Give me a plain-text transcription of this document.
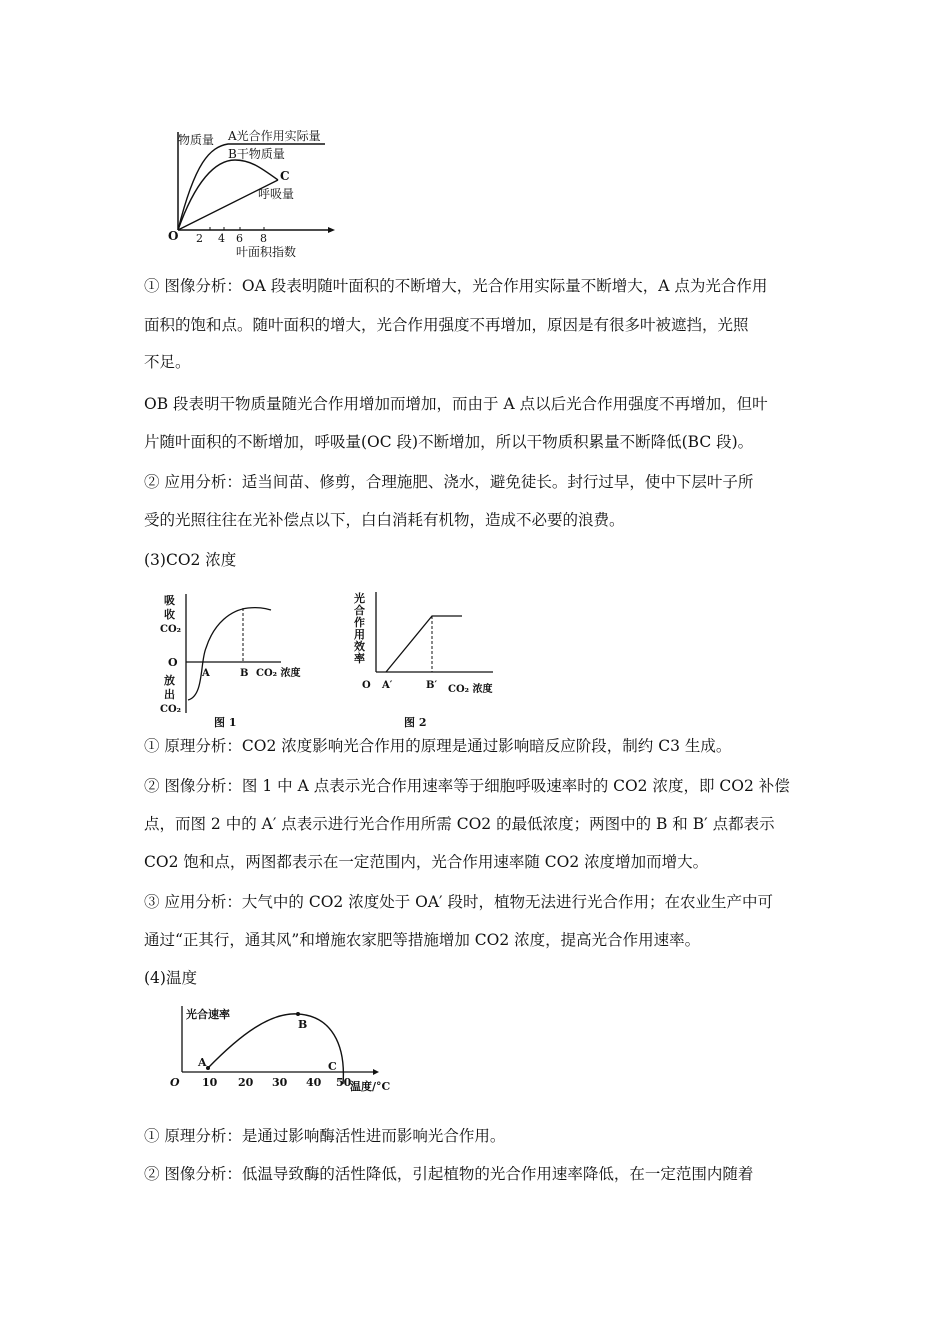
物质量 A光合作用实际量
B干物质量
C
呼吸量
O 2 4 6 8
叶面积指数
① 图像分析：OA 段表明随叶面积的不断增大，光合作用实际量不断增大，A 点为光合作用
面积的饱和点。随叶面积的增大，光合作用强度不再增加，原因是有很多叶被遮挡，光照
不足。
OB 段表明干物质量随光合作用增加而增加，而由于 A 点以后光合作用强度不再增加，但叶
片随叶面积的不断增加，呼吸量(OC 段)不断增加，所以干物质积累量不断降低(BC 段)。
② 应用分析：适当间苗、修剪，合理施肥、浇水，避免徒长。封行过早，使中下层叶子所
受的光照往往在光补偿点以下，白白消耗有机物，造成不必要的浪费。
(3)CO2 浓度
吸
收
CO₂
O
A	B CO₂ 浓度
放
出
CO₂
图 1
光
合
作
用
效
率
O A′	B′ CO₂ 浓度
图 2
① 原理分析：CO2 浓度影响光合作用的原理是通过影响暗反应阶段，制约 C3 生成。
② 图像分析：图 1 中 A 点表示光合作用速率等于细胞呼吸速率时的 CO2 浓度，即 CO2 补偿
点，而图 2 中的 A′ 点表示进行光合作用所需 CO2 的最低浓度；两图中的 B 和 B′ 点都表示
CO2 饱和点，两图都表示在一定范围内，光合作用速率随 CO2 浓度增加而增大。
③ 应用分析：大气中的 CO2 浓度处于 OA′ 段时，植物无法进行光合作用；在农业生产中可
通过“正其行，通其风”和增施农家肥等措施增加 CO2 浓度，提高光合作用速率。
(4)温度
光合速率
A
B
C
O 10 20 30 40 50
温度/°C
① 原理分析：是通过影响酶活性进而影响光合作用。
② 图像分析：低温导致酶的活性降低，引起植物的光合作用速率降低，在一定范围内随着
